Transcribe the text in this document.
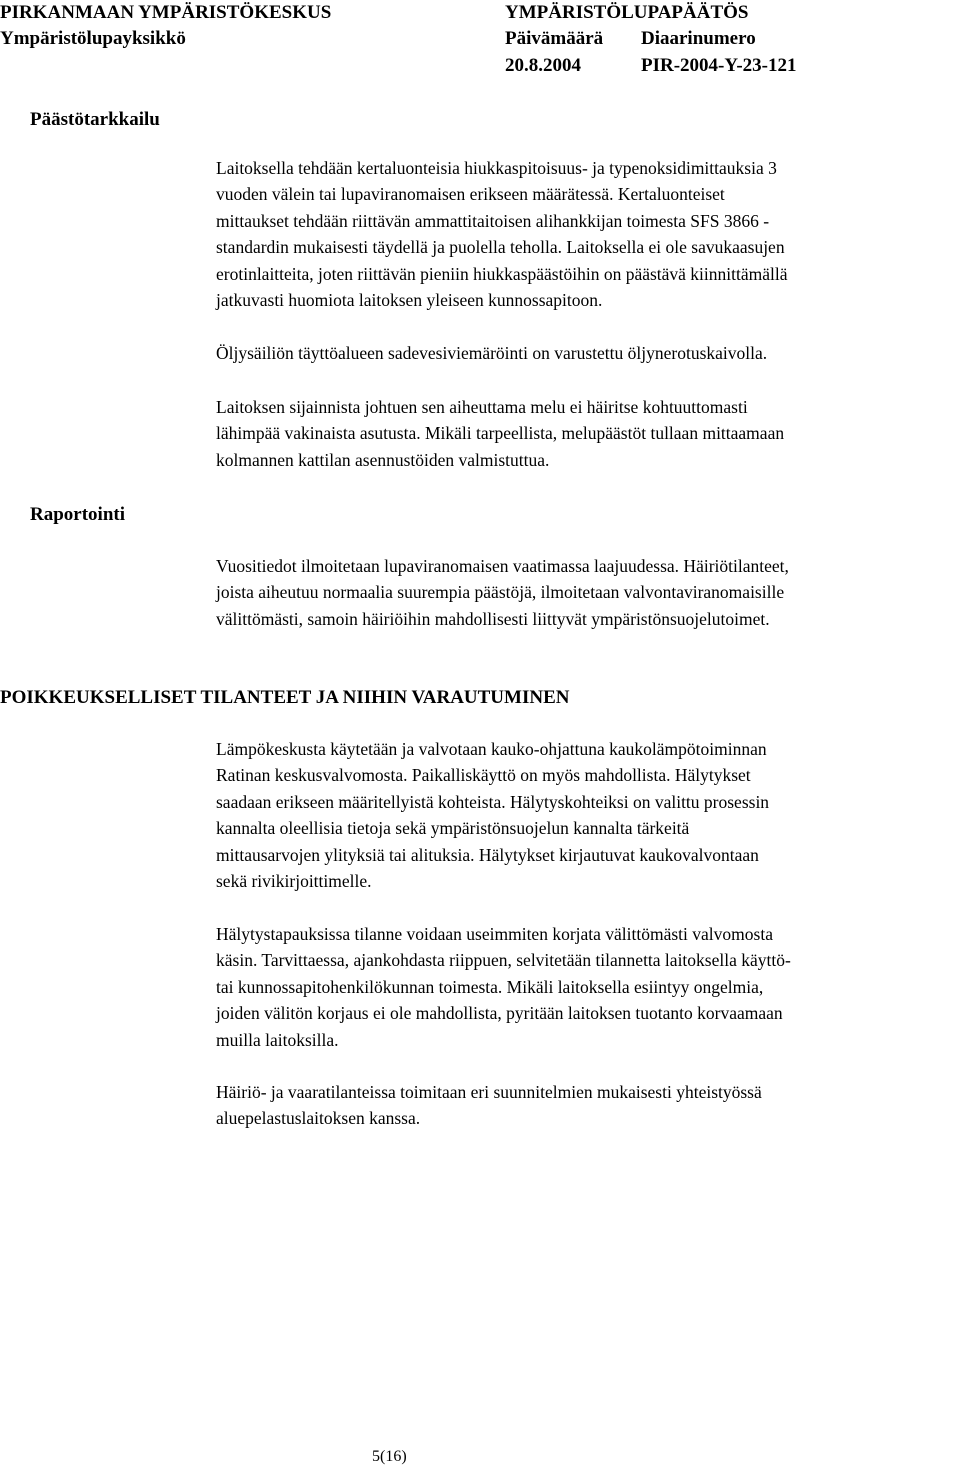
PIRKANMAAN YMPÄRISTÖKESKUS
Ympäristölupayksikkö
YMPÄRISTÖLUPAPÄÄTÖS
Päivämäärä Diaarinumero
20.8.2004	PIR-2004-Y-23-121
Päästötarkkailu
Laitoksella tehdään kertaluonteisia hiukkaspitoisuus- ja typenoksidimittauksia 3
vuoden välein tai lupaviranomaisen erikseen määrätessä. Kertaluonteiset
mittaukset tehdään riittävän ammattitaitoisen alihankkijan toimesta SFS 3866 -
standardin mukaisesti täydellä ja puolella teholla. Laitoksella ei ole savukaasujen
erotinlaitteita, joten riittävän pieniin hiukkaspäästöihin on päästävä kiinnittämällä
jatkuvasti huomiota laitoksen yleiseen kunnossapitoon.
Öljysäiliön täyttöalueen sadevesiviemäröinti on varustettu öljynerotuskaivolla.
Laitoksen sijainnista johtuen sen aiheuttama melu ei häiritse kohtuuttomasti
lähimpää vakinaista asutusta. Mikäli tarpeellista, melupäästöt tullaan mittaamaan
kolmannen kattilan asennustöiden valmistuttua.
Raportointi
Vuositiedot ilmoitetaan lupaviranomaisen vaatimassa laajuudessa. Häiriötilanteet,
joista aiheutuu normaalia suurempia päästöjä, ilmoitetaan valvontaviranomaisille
välittömästi, samoin häiriöihin mahdollisesti liittyvät ympäristönsuojelutoimet.
POIKKEUKSELLISET TILANTEET JA NIIHIN VARAUTUMINEN
Lämpökeskusta käytetään ja valvotaan kauko-ohjattuna kaukolämpötoiminnan
Ratinan keskusvalvomosta. Paikalliskäyttö on myös mahdollista. Hälytykset
saadaan erikseen määritellyistä kohteista. Hälytyskohteiksi on valittu prosessin
kannalta oleellisia tietoja sekä ympäristönsuojelun kannalta tärkeitä
mittausarvojen ylityksiä tai alituksia. Hälytykset kirjautuvat kaukovalvontaan
sekä rivikirjoittimelle.
Hälytystapauksissa tilanne voidaan useimmiten korjata välittömästi valvomosta
käsin. Tarvittaessa, ajankohdasta riippuen, selvitetään tilannetta laitoksella käyttö-
tai kunnossapitohenkilökunnan toimesta. Mikäli laitoksella esiintyy ongelmia,
joiden välitön korjaus ei ole mahdollista, pyritään laitoksen tuotanto korvaamaan
muilla laitoksilla.
Häiriö- ja vaaratilanteissa toimitaan eri suunnitelmien mukaisesti yhteistyössä
aluepelastuslaitoksen kanssa.
5(16)
